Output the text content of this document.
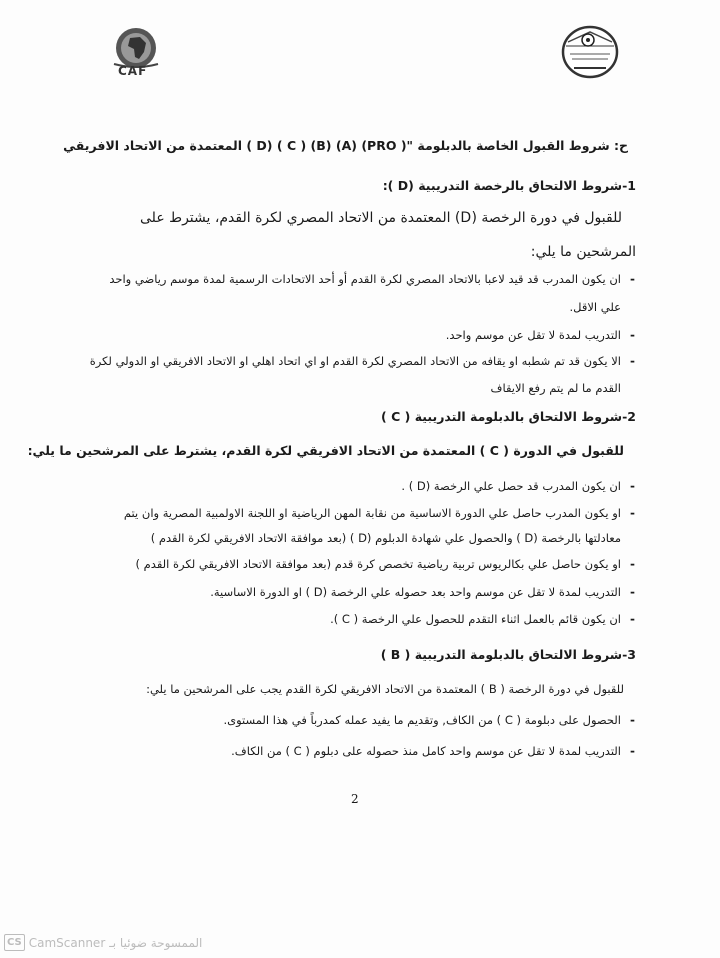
CAF
ح: شروط القبول الخاصة بالدبلومة "( PRO) (A) (B) ( C ) (D ) المعتمدة من الاتحاد الافريقي
1-شروط الالتحاق بالرخصة التدريبية (D ):
للقبول في دورة الرخصة (D) المعتمدة من الاتحاد المصري لكرة القدم، يشترط على
المرشحين ما يلي:
-
ان يكون المدرب قد قيد لاعبا بالاتحاد المصري لكرة القدم أو أحد الاتحادات الرسمية لمدة موسم رياضي واحد
علي الاقل.
-
التدريب لمدة لا تقل عن موسم واحد.
-
الا يكون قد تم شطبه او يقافه من الاتحاد المصري لكرة القدم او اي اتحاد اهلي او الاتحاد الافريقي او الدولي لكرة
القدم ما لم يتم رفع الايقاف
2-شروط الالتحاق بالدبلومة التدريبية ( C )
للقبول في الدورة ( C ) المعتمدة من الاتحاد الافريقي لكرة القدم، يشترط على المرشحين ما يلي:
-
ان يكون المدرب قد حصل علي الرخصة (D ) .
-
او يكون المدرب حاصل علي الدورة الاساسية من نقابة المهن الرياضية او اللجنة الاولمبية المصرية وان يتم
معادلتها بالرخصة (D ) والحصول علي شهادة الدبلوم (D ) (بعد موافقة الاتحاد الافريقي لكرة القدم )
-
او يكون حاصل علي بكالريوس تربية رياضية تخصص كرة قدم (بعد موافقة الاتحاد الافريقي لكرة القدم )
-
التدريب لمدة لا تقل عن موسم واحد بعد حصوله علي الرخصة (D ) او الدورة الاساسية.
-
ان يكون قائم بالعمل اثناء التقدم للحصول علي الرخصة ( C ).
3-شروط الالتحاق بالدبلومة التدريبية ( B )
للقبول في دورة الرخصة ( B ) المعتمدة من الاتحاد الافريقي لكرة القدم يجب على المرشحين ما يلي:
-
الحصول على دبلومة ( C ) من الكاف, وتقديم ما يفيد عمله كمدرباً في هذا المستوى.
-
التدريب لمدة لا تقل عن موسم واحد كامل منذ حصوله على دبلوم ( C ) من الكاف.
2
CS CamScanner الممسوحة ضوئيا بـ
